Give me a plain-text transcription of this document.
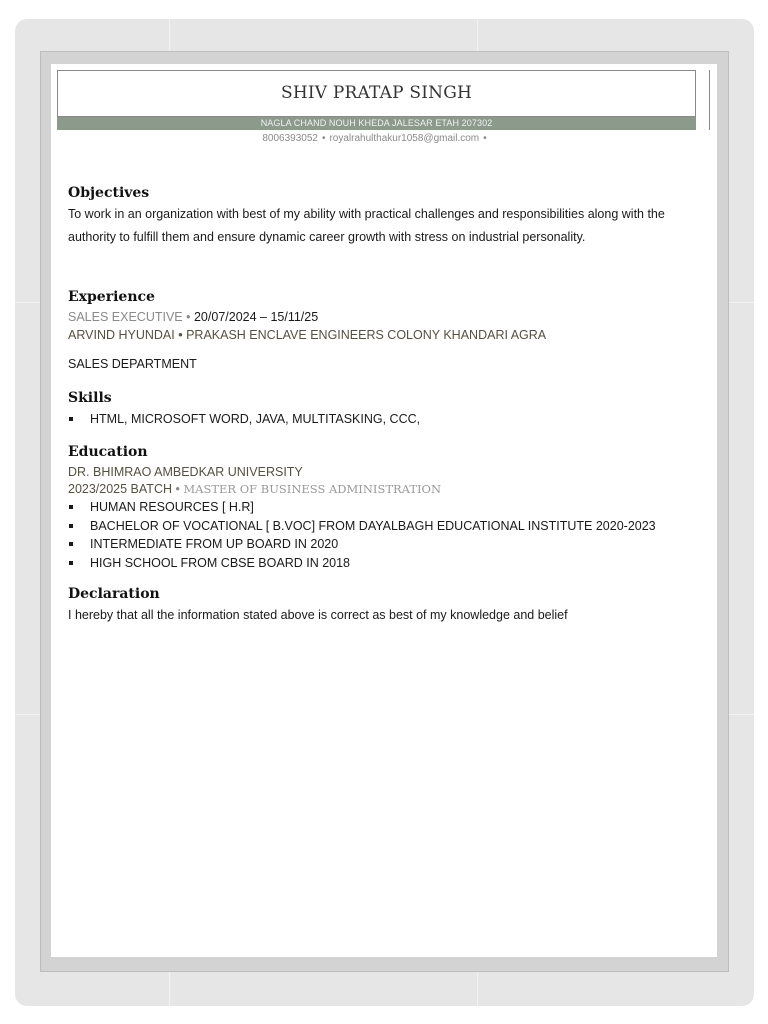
SHIV PRATAP SINGH
NAGLA CHAND NOUH KHEDA JALESAR ETAH 207302
8006393052 • royalrahulthakur1058@gmail.com •
Objectives
To work in an organization with best of my ability with practical challenges and responsibilities along with the authority to fulfill them and ensure dynamic career growth with stress on industrial personality.
Experience
SALES EXECUTIVE • 20/07/2024 – 15/11/25
ARVIND HYUNDAI • PRAKASH ENCLAVE ENGINEERS COLONY KHANDARI AGRA
SALES DEPARTMENT
Skills
HTML, MICROSOFT WORD, JAVA, MULTITASKING, CCC,
Education
DR. BHIMRAO AMBEDKAR UNIVERSITY
2023/2025 BATCH • MASTER OF BUSINESS ADMINISTRATION
HUMAN RESOURCES [ H.R]
BACHELOR OF VOCATIONAL [ B.VOC] FROM DAYALBAGH EDUCATIONAL INSTITUTE 2020-2023
INTERMEDIATE FROM UP BOARD IN 2020
HIGH SCHOOL FROM CBSE BOARD IN 2018
Declaration
I hereby that all the information stated above is correct as best of my knowledge and belief
